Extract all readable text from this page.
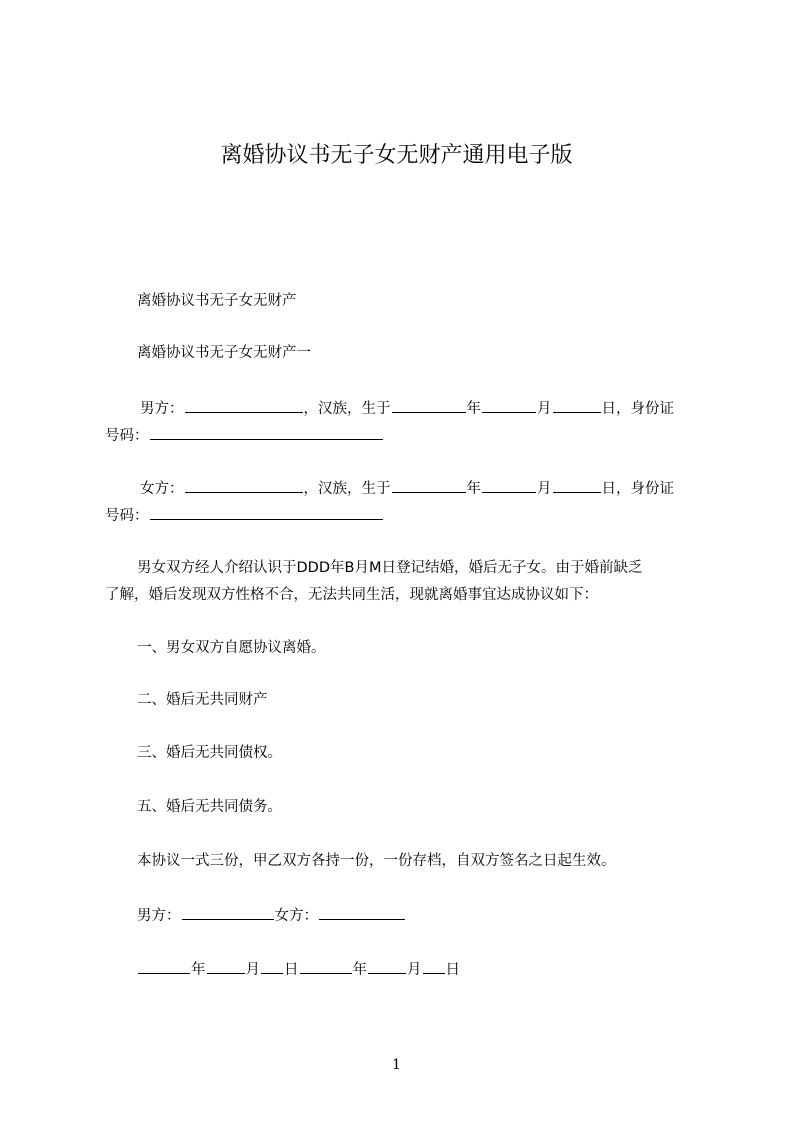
离婚协议书无子女无财产通用电子版
离婚协议书无子女无财产
离婚协议书无子女无财产一
男方：	，汉族，生于	年	月	日，身份证
号码：
女方：	，汉族，生于	年	月	日，身份证
号码：
男女双方经人介绍认识于DDD年B月M日登记结婚，婚后无子女。由于婚前缺乏
了解，婚后发现双方性格不合，无法共同生活，现就离婚事宜达成协议如下：
一、男女双方自愿协议离婚。
二、婚后无共同财产
三、婚后无共同债权。
五、婚后无共同债务。
本协议一式三份，甲乙双方各持一份，一份存档，自双方签名之日起生效。
男方：	女方：
年	月 日	年	月 日
1
